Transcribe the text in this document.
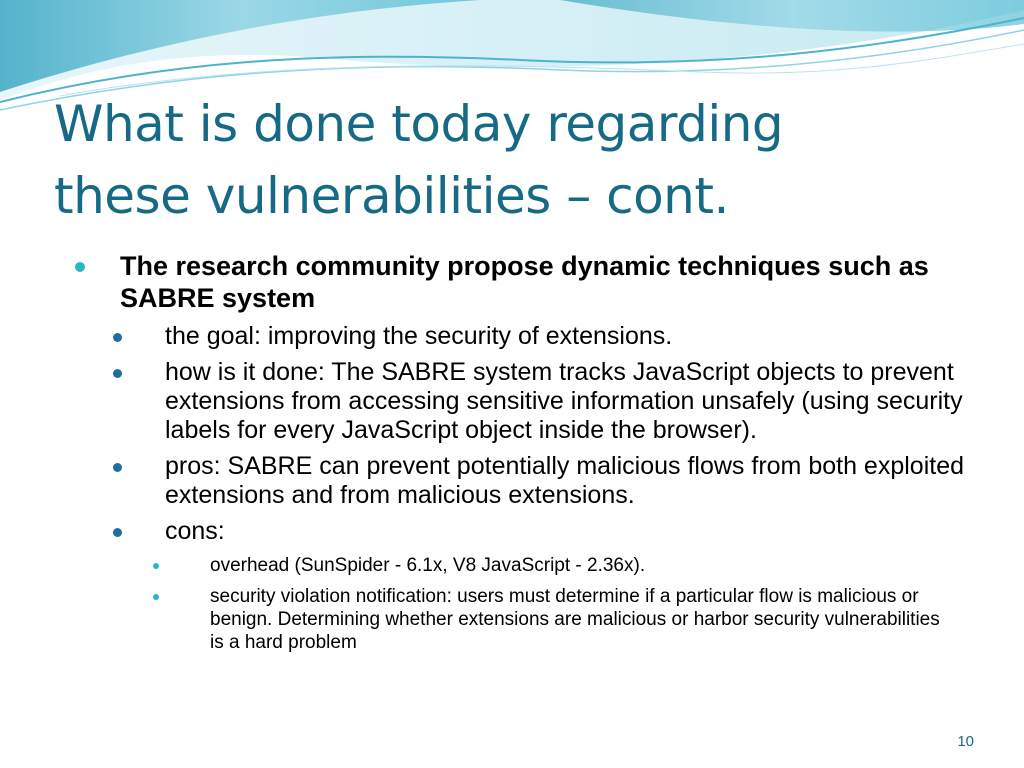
What is done today regarding
these vulnerabilities – cont.
The research community propose dynamic techniques such as SABRE system
the goal: improving the security of extensions.
how is it done: The SABRE system tracks JavaScript objects to prevent extensions from accessing sensitive information unsafely (using security labels for every JavaScript object inside the browser).
pros: SABRE can prevent potentially malicious flows from both exploited extensions and from malicious extensions.
cons:
overhead (SunSpider - 6.1x, V8 JavaScript - 2.36x).
security violation notification: users must determine if a particular flow is malicious or benign. Determining whether extensions are malicious or harbor security vulnerabilities is a hard problem
10
